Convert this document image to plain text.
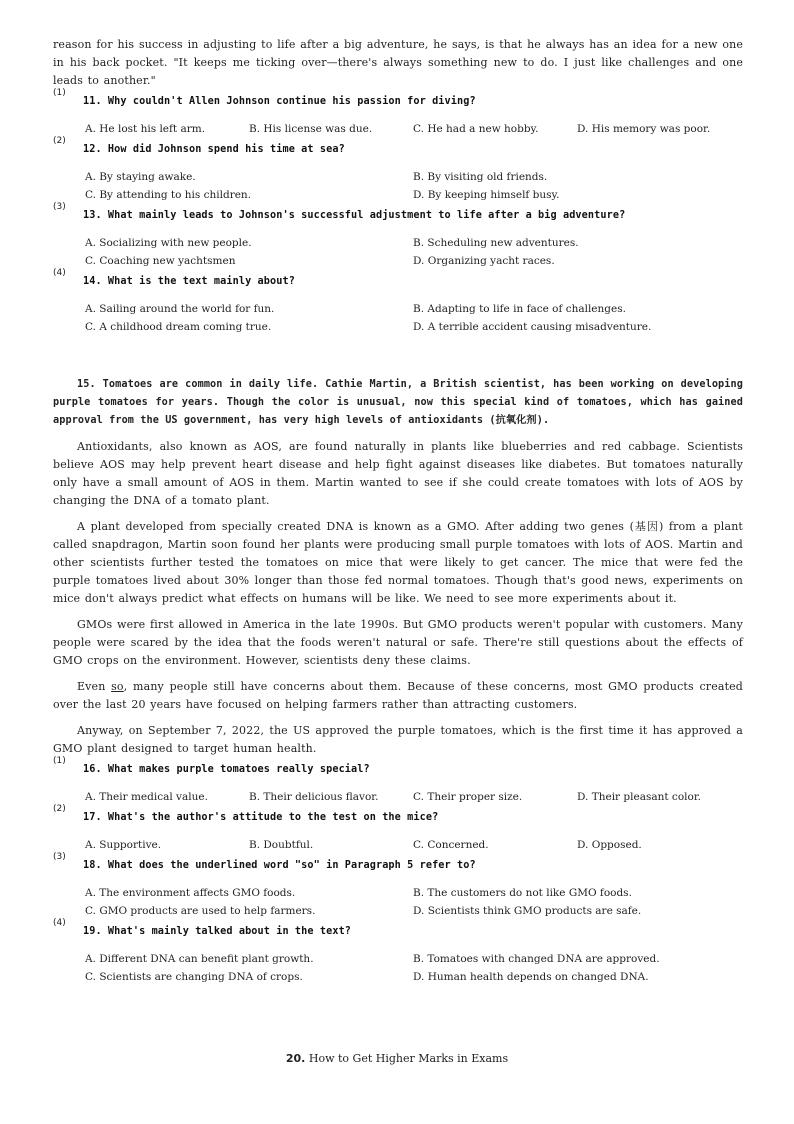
reason for his success in adjusting to life after a big adventure, he says, is that he always has an idea for a new one in his back pocket. "It keeps me ticking over—there's always something new to do. I just like challenges and one leads to another."

(1)
11. Why couldn't Allen Johnson continue his passion for diving?
A. He lost his left arm.	B. His license was due.	C. He had a new hobby.	D. His memory was poor.
(2)
12. How did Johnson spend his time at sea?
A. By staying awake.	B. By visiting old friends.
C. By attending to his children.	D. By keeping himself busy.
(3)
13. What mainly leads to Johnson's successful adjustment to life after a big adventure?
A. Socializing with new people.	B. Scheduling new adventures.
C. Coaching new yachtsmen	D. Organizing yacht races.
(4)
14. What is the text mainly about?
A. Sailing around the world for fun.	B. Adapting to life in face of challenges.
C. A childhood dream coming true.	D. A terrible accident causing misadventure.
15. Tomatoes are common in daily life. Cathie Martin, a British scientist, has been working on developing purple tomatoes for years. Though the color is unusual, now this special kind of tomatoes, which has gained approval from the US government, has very high levels of antioxidants (抗氧化剂).

Antioxidants, also known as AOS, are found naturally in plants like blueberries and red cabbage. Scientists believe AOS may help prevent heart disease and help fight against diseases like diabetes. But tomatoes naturally only have a small amount of AOS in them. Martin wanted to see if she could create tomatoes with lots of AOS by changing the DNA of a tomato plant.

A plant developed from specially created DNA is known as a GMO. After adding two genes (基因) from a plant called snapdragon, Martin soon found her plants were producing small purple tomatoes with lots of AOS. Martin and other scientists further tested the tomatoes on mice that were likely to get cancer. The mice that were fed the purple tomatoes lived about 30% longer than those fed normal tomatoes. Though that's good news, experiments on mice don't always predict what effects on humans will be like. We need to see more experiments about it.

GMOs were first allowed in America in the late 1990s. But GMO products weren't popular with customers. Many people were scared by the idea that the foods weren't natural or safe. There're still questions about the effects of GMO crops on the environment. However, scientists deny these claims.

Even so, many people still have concerns about them. Because of these concerns, most GMO products created over the last 20 years have focused on helping farmers rather than attracting customers.

Anyway, on September 7, 2022, the US approved the purple tomatoes, which is the first time it has approved a GMO plant designed to target human health.

(1)
16. What makes purple tomatoes really special?
A. Their medical value.	B. Their delicious flavor.	C. Their proper size.	D. Their pleasant color.
(2)
17. What's the author's attitude to the test on the mice?
A. Supportive.	B. Doubtful.	C. Concerned.	D. Opposed.
(3)
18. What does the underlined word "so" in Paragraph 5 refer to?
A. The environment affects GMO foods.	B. The customers do not like GMO foods.
C. GMO products are used to help farmers.	D. Scientists think GMO products are safe.
(4)
19. What's mainly talked about in the text?
A. Different DNA can benefit plant growth.	B. Tomatoes with changed DNA are approved.
C. Scientists are changing DNA of crops.	D. Human health depends on changed DNA.
20. How to Get Higher Marks in Exams
